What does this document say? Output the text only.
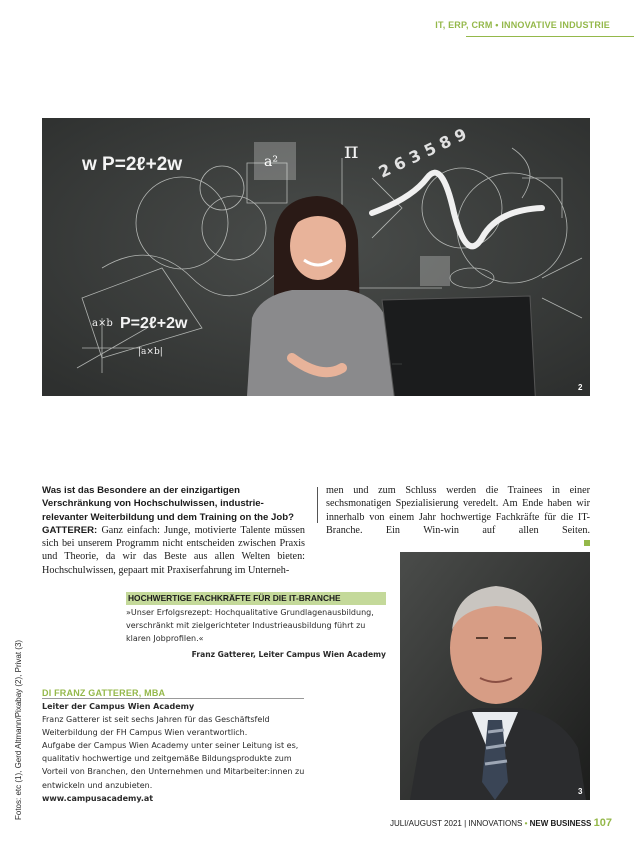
IT, ERP, CRM • INNOVATIVE INDUSTRIE
w P=2ℓ+2w
P=2ℓ+2w
π
a×b
|a×b|
a²	2 6 3 5 8 9
2
Was ist das Besondere an der einzigartigen Verschränkung von Hochschulwissen, industrie-relevanter Weiterbildung und dem Training on the Job?
GATTERER: Ganz einfach: Junge, motivierte Talente müssen sich bei unserem Programm nicht entscheiden zwischen Praxis und Theorie, da wir das Beste aus allen Welten bieten: Hochschulwissen, gepaart mit Praxiserfahrung im Unterneh-
men und zum Schluss werden die Trainees in einer sechsmonatigen Spezialisierung veredelt. Am Ende haben wir innerhalb von einem Jahr hochwertige Fachkräfte für die IT-Branche. Ein Win-win auf allen Seiten.
HOCHWERTIGE FACHKRÄFTE FÜR DIE IT-BRANCHE
»Unser Erfolgsrezept: Hochqualitative Grundlagenausbildung, verschränkt mit zielgerichteter Industrieausbildung führt zu klaren Jobprofilen.«
Franz Gatterer, Leiter Campus Wien Academy
DI FRANZ GATTERER, MBA
Leiter der Campus Wien Academy
Franz Gatterer ist seit sechs Jahren für das Geschäftsfeld Weiterbildung der FH Campus Wien verantwortlich.
Aufgabe der Campus Wien Academy unter seiner Leitung ist es, qualitativ hochwertige und zeitgemäße Bildungsprodukte zum Vorteil von Branchen, den Unternehmen und Mitarbeiter:innen zu entwickeln und anzubieten.
www.campusacademy.at
3
Fotos: etc (1), Gerd Altmann/Pixabay (2), Privat (3)
JULI/AUGUST 2021 | INNOVATIONS • NEW BUSINESS 107
